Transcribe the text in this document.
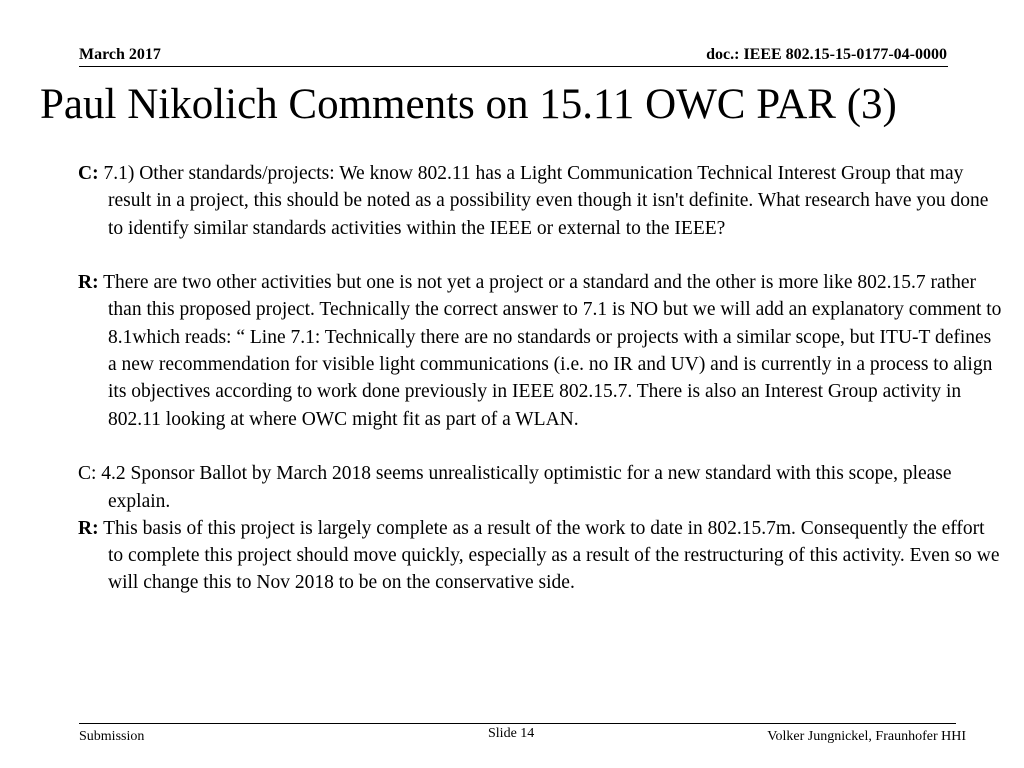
March 2017	doc.: IEEE 802.15-15-0177-04-0000
Paul Nikolich Comments on 15.11 OWC PAR (3)

C: 7.1) Other standards/projects: We know 802.11 has a Light Communication Technical Interest Group that may result in a project, this should be noted as a possibility even though it isn't definite. What research have you done to identify similar standards activities within the IEEE or external to the IEEE?

R: There are two other activities but one is not yet a project or a standard and the other is more like 802.15.7 rather than this proposed project. Technically the correct answer to 7.1 is NO but we will add an explanatory comment to 8.1which reads: “ Line 7.1: Technically there are no standards or projects with a similar scope, but ITU-T defines a new recommendation for visible light communications (i.e. no IR and UV) and is currently in a process to align its objectives according to work done previously in IEEE 802.15.7. There is also an Interest Group activity in 802.11 looking at where OWC might fit as part of a WLAN.

C: 4.2 Sponsor Ballot by March 2018 seems unrealistically optimistic for a new standard with this scope, please explain.

R: This basis of this project is largely complete as a result of the work to date in 802.15.7m. Consequently the effort to complete this project should move quickly, especially as a result of the restructuring of this activity. Even so we will change this to Nov 2018 to be on the conservative side.

Submission	Slide 14	Volker Jungnickel, Fraunhofer HHI
